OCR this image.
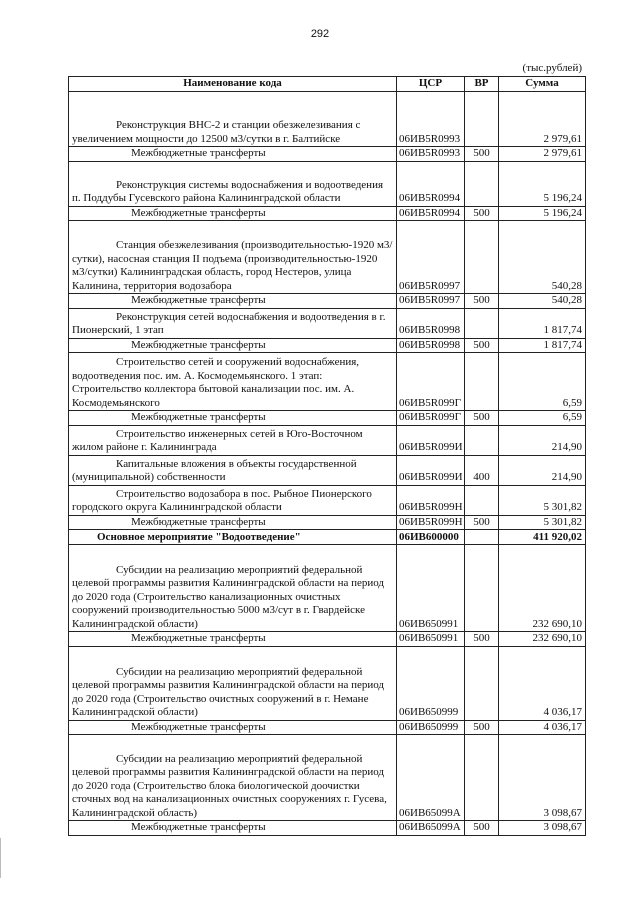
292
(тыс.рублей)
Наименование кода	ЦСР	ВР	Сумма

Реконструкция ВНС-2 и станции обезжелезивания с увеличением мощности до 12500 м3/сутки в г. Балтийске	06ИВ5R0993		2 979,61
Межбюджетные трансферты	06ИВ5R0993	500	2 979,61

Реконструкция системы водоснабжения и водоотведения п. Поддубы Гусевского района Калининградской области	06ИВ5R0994		5 196,24
Межбюджетные трансферты	06ИВ5R0994	500	5 196,24

Станция обезжелезивания (производительностью-1920 м3/сутки), насосная станция II подъема (производительностью-1920 м3/сутки) Калининградская область, город Нестеров, улица Калинина, территория водозабора	06ИВ5R0997		540,28
Межбюджетные трансферты	06ИВ5R0997	500	540,28

Реконструкция сетей водоснабжения и водоотведения в г. Пионерский, 1 этап	06ИВ5R0998		1 817,74
Межбюджетные трансферты	06ИВ5R0998	500	1 817,74

Строительство сетей и сооружений водоснабжения, водоотведения пос. им. А. Космодемьянского. 1 этап: Строительство коллектора бытовой канализации пос. им. А. Космодемьянского	06ИВ5R099Г		6,59
Межбюджетные трансферты	06ИВ5R099Г	500	6,59

Строительство инженерных сетей в Юго-Восточном жилом районе г. Калининграда	06ИВ5R099И		214,90

Капитальные вложения в объекты государственной (муниципальной) собственности	06ИВ5R099И	400	214,90

Строительство водозабора в пос. Рыбное Пионерского городского округа Калининградской области	06ИВ5R099Н		5 301,82
Межбюджетные трансферты	06ИВ5R099Н	500	5 301,82
Основное мероприятие "Водоотведение"	06ИВ600000		411 920,02

Субсидии на реализацию мероприятий федеральной целевой программы развития Калининградской области на период до 2020 года (Строительство канализационных очистных сооружений производительностью 5000 м3/сут в г. Гвардейске Калининградской области)	06ИВ650991		232 690,10
Межбюджетные трансферты	06ИВ650991	500	232 690,10

Субсидии на реализацию мероприятий федеральной целевой программы развития Калининградской области на период до 2020 года (Строительство очистных сооружений в г. Немане Калининградской области)	06ИВ650999		4 036,17
Межбюджетные трансферты	06ИВ650999	500	4 036,17

Субсидии на реализацию мероприятий федеральной целевой программы развития Калининградской области на период до 2020 года (Строительство блока биологической доочистки сточных вод на канализационных очистных сооружениях г. Гусева, Калининградской область)	06ИВ65099А		3 098,67
Межбюджетные трансферты	06ИВ65099А	500	3 098,67
